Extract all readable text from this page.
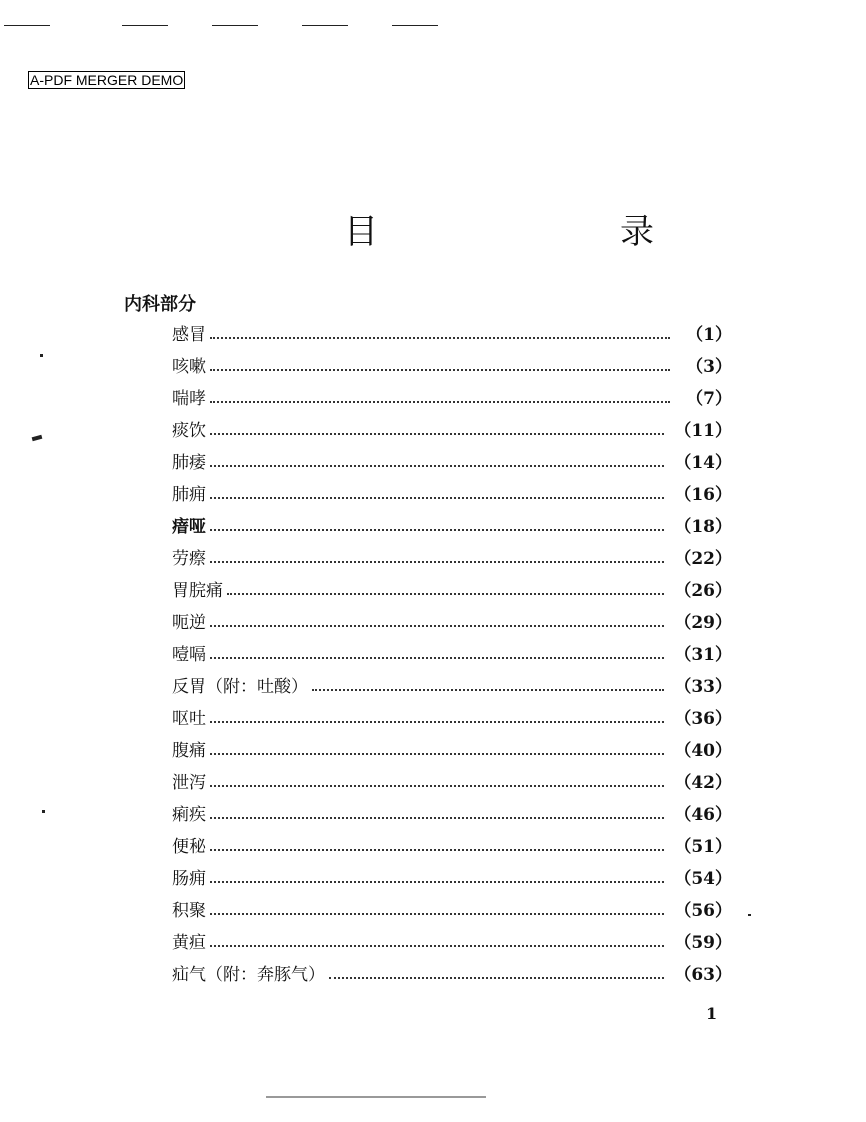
A-PDF MERGER DEMO
目　录
内科部分
感冒	（1）
咳嗽	（3）
喘哮	（7）
痰饮	（11）
肺痿	（14）
肺痈	（16）
瘖哑	（18）
劳瘵	（22）
胃脘痛	（26）
呃逆	（29）
噎嗝	（31）
反胃（附：吐酸）	（33）
呕吐	（36）
腹痛	（40）
泄泻	（42）
痢疾	（46）
便秘	（51）
肠痈	（54）
积聚	（56）
黄疸	（59）
疝气（附：奔豚气）	（63）
1
